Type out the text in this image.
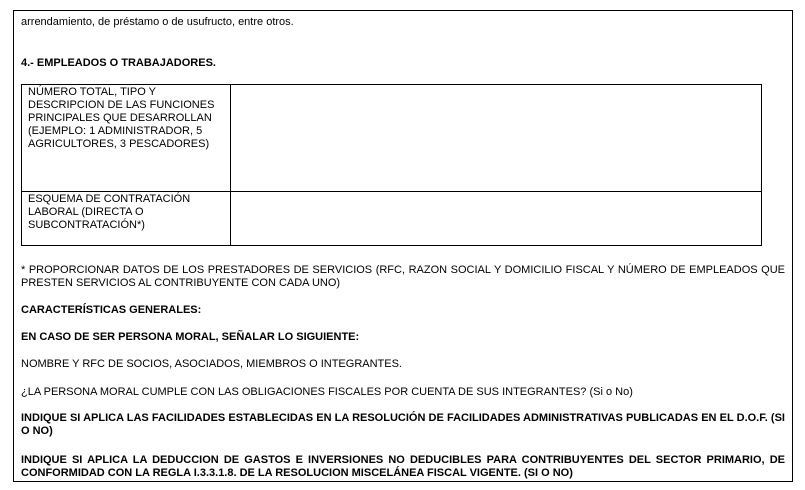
arrendamiento, de préstamo o de usufructo, entre otros.
4.- EMPLEADOS O TRABAJADORES.
NÚMERO TOTAL, TIPO Y DESCRIPCION DE LAS FUNCIONES PRINCIPALES QUE DESARROLLAN (EJEMPLO: 1 ADMINISTRADOR, 5 AGRICULTORES, 3 PESCADORES)	
ESQUEMA DE CONTRATACIÓN LABORAL (DIRECTA O SUBCONTRATACIÓN*)	
* PROPORCIONAR DATOS DE LOS PRESTADORES DE SERVICIOS (RFC, RAZON SOCIAL Y DOMICILIO FISCAL Y NÚMERO DE EMPLEADOS QUE PRESTEN SERVICIOS AL CONTRIBUYENTE CON CADA UNO)
CARACTERÍSTICAS GENERALES:
EN CASO DE SER PERSONA MORAL, SEÑALAR LO SIGUIENTE:
NOMBRE Y RFC DE SOCIOS, ASOCIADOS, MIEMBROS O INTEGRANTES.
¿LA PERSONA MORAL CUMPLE CON LAS OBLIGACIONES FISCALES POR CUENTA DE SUS INTEGRANTES? (Si o No)
INDIQUE SI APLICA LAS FACILIDADES ESTABLECIDAS EN LA RESOLUCIÓN DE FACILIDADES ADMINISTRATIVAS PUBLICADAS EN EL D.O.F. (SI O NO)
INDIQUE SI APLICA LA DEDUCCION DE GASTOS E INVERSIONES NO DEDUCIBLES PARA CONTRIBUYENTES DEL SECTOR PRIMARIO, DE CONFORMIDAD CON LA REGLA I.3.3.1.8. DE LA RESOLUCION MISCELÁNEA FISCAL VIGENTE. (SI O NO)
